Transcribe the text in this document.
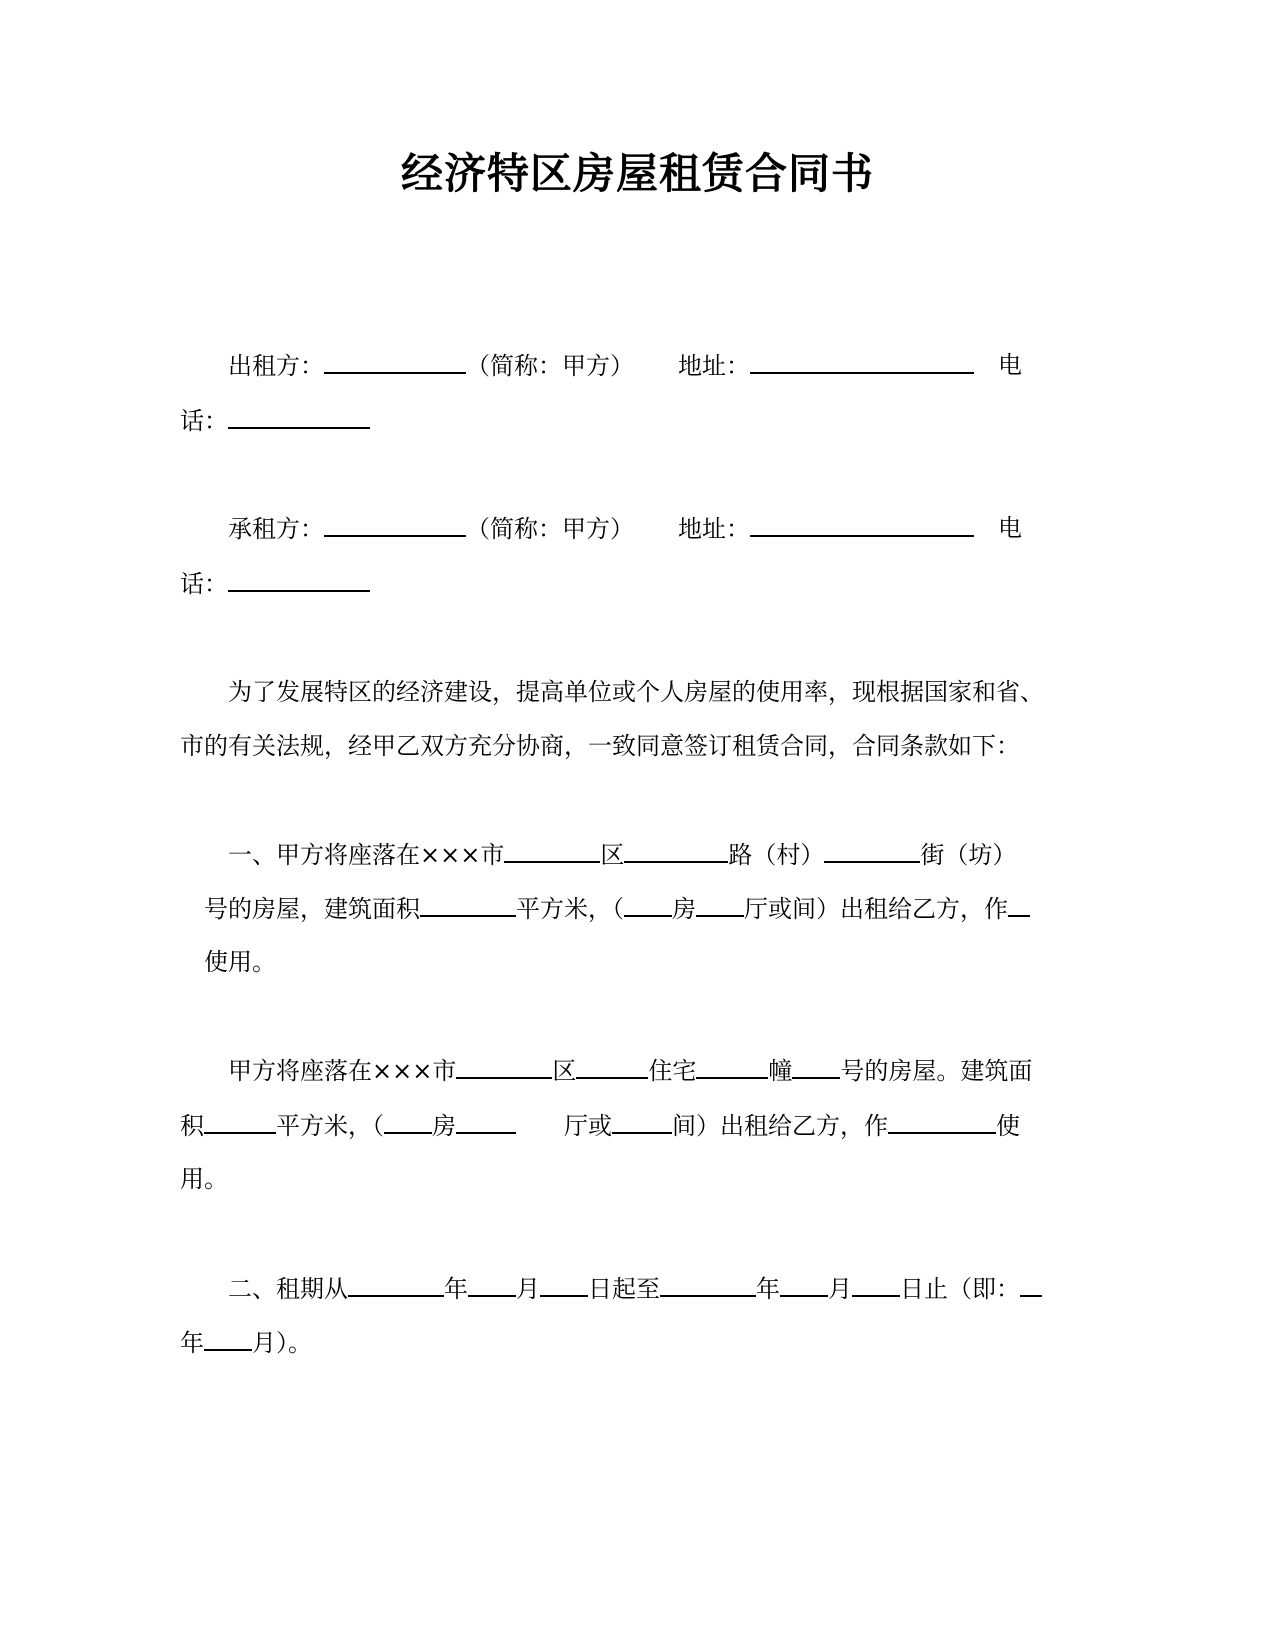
经济特区房屋租赁合同书
出租方：	（简称：甲方） 地址：	电
话：
承租方：	（简称：甲方） 地址：	电
话：
为了发展特区的经济建设，提高单位或个人房屋的使用率，现根据国家和省、
市的有关法规，经甲乙双方充分协商，一致同意签订租赁合同，合同条款如下：
一、甲方将座落在×××市	区	路（村）	街（坊）
号的房屋，建筑面积	平方米，（ 房 厅或间）出租给乙方，作
使用。
甲方将座落在×××市	区	住宅	幢 号的房屋。建筑面
积	平方米，（ 房	厅或	间）出租给乙方，作	使
用。
二、租期从	年 月 日起至	年 月 日止（即：
年 月）。
